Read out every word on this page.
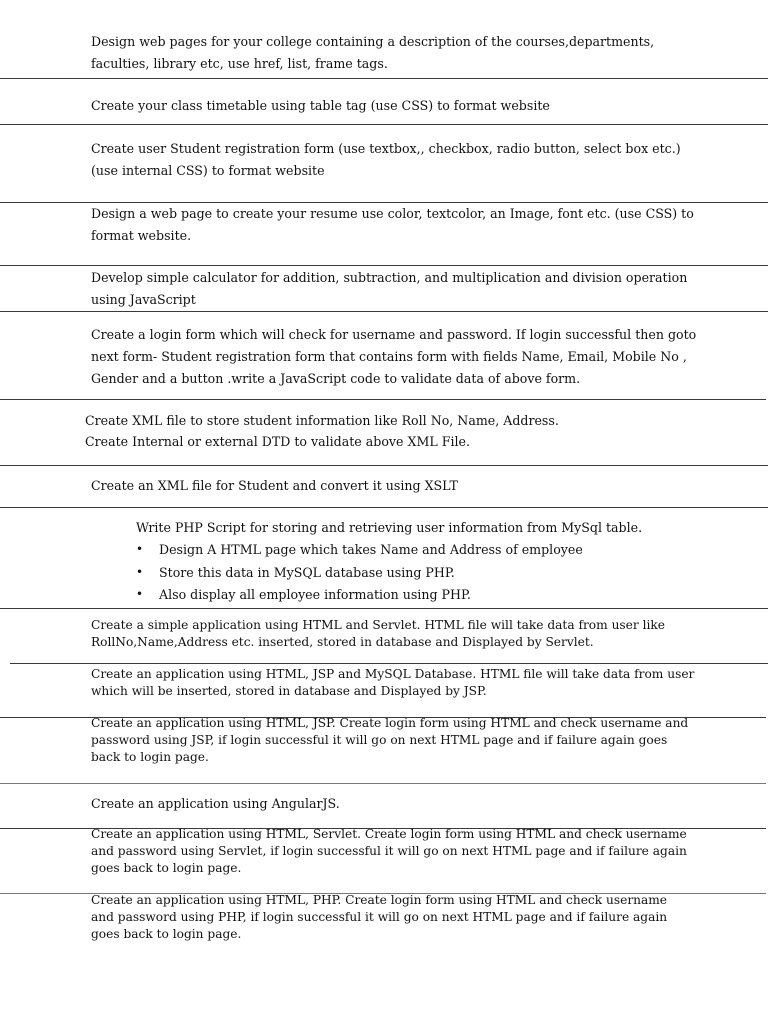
Design web pages for your college containing a description of the courses,departments,
faculties, library etc, use href, list, frame tags.
Create your class timetable using table tag (use CSS) to format website
Create user Student registration form (use textbox,, checkbox, radio button, select box etc.)
(use internal CSS) to format website
Design a web page to create your resume use color, textcolor, an Image, font etc. (use CSS) to
format website.
Develop simple calculator for addition, subtraction, and multiplication and division operation
using JavaScript
Create a login form which will check for username and password. If login successful then goto
next form- Student registration form that contains form with fields Name, Email, Mobile No ,
Gender and a button .write a JavaScript code to validate data of above form.
Create XML file to store student information like Roll No, Name, Address.
Create Internal or external DTD to validate above XML File.
Create an XML file for Student and convert it using XSLT
Write PHP Script for storing and retrieving user information from MySql table.
• Design A HTML page which takes Name and Address of employee
• Store this data in MySQL database using PHP.
• Also display all employee information using PHP.
Create a simple application using HTML and Servlet. HTML file will take data from user like
RollNo,Name,Address etc. inserted, stored in database and Displayed by Servlet.
Create an application using HTML, JSP and MySQL Database. HTML file will take data from user
which will be inserted, stored in database and Displayed by JSP.
Create an application using HTML, JSP. Create login form using HTML and check username and
password using JSP, if login successful it will go on next HTML page and if failure again goes
back to login page.
Create an application using AngularJS.
Create an application using HTML, Servlet. Create login form using HTML and check username
and password using Servlet, if login successful it will go on next HTML page and if failure again
goes back to login page.
Create an application using HTML, PHP. Create login form using HTML and check username
and password using PHP, if login successful it will go on next HTML page and if failure again
goes back to login page.
